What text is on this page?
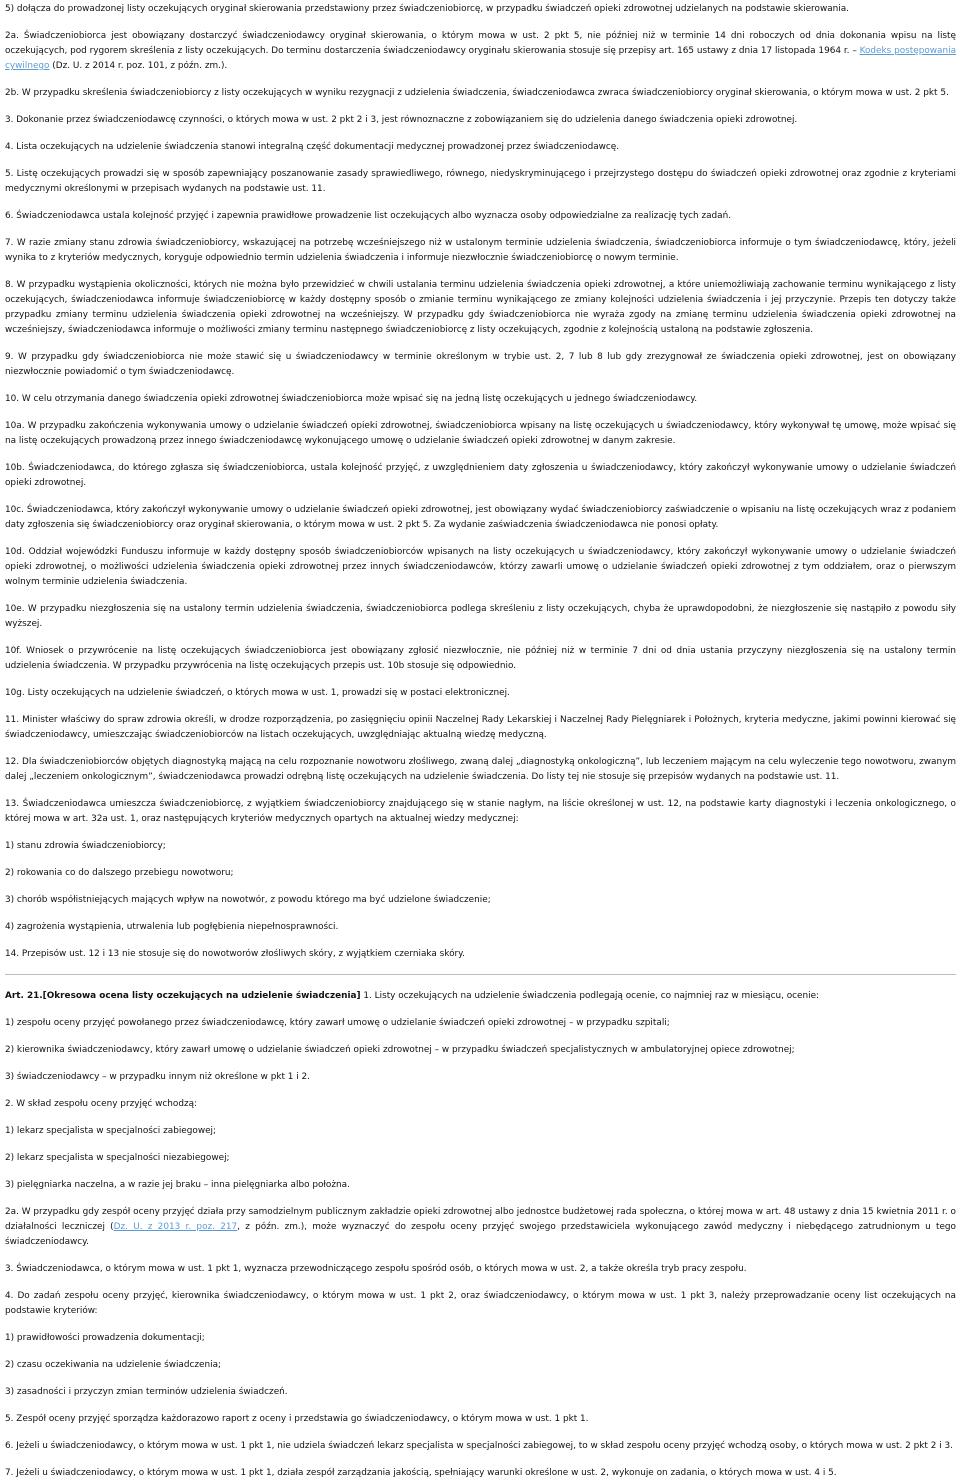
5) dołącza do prowadzonej listy oczekujących oryginał skierowania przedstawiony przez świadczeniobiorcę, w przypadku świadczeń opieki zdrowotnej udzielanych na podstawie skierowania.

2a. Świadczeniobiorca jest obowiązany dostarczyć świadczeniodawcy oryginał skierowania, o którym mowa w ust. 2 pkt 5, nie później niż w terminie 14 dni roboczych od dnia dokonania wpisu na listę oczekujących, pod rygorem skreślenia z listy oczekujących. Do terminu dostarczenia świadczeniodawcy oryginału skierowania stosuje się przepisy art. 165 ustawy z dnia 17 listopada 1964 r. – Kodeks postępowania cywilnego (Dz. U. z 2014 r. poz. 101, z późn. zm.).

2b. W przypadku skreślenia świadczeniobiorcy z listy oczekujących w wyniku rezygnacji z udzielenia świadczenia, świadczeniodawca zwraca świadczeniobiorcy oryginał skierowania, o którym mowa w ust. 2 pkt 5.

3. Dokonanie przez świadczeniodawcę czynności, o których mowa w ust. 2 pkt 2 i 3, jest równoznaczne z zobowiązaniem się do udzielenia danego świadczenia opieki zdrowotnej.

4. Lista oczekujących na udzielenie świadczenia stanowi integralną część dokumentacji medycznej prowadzonej przez świadczeniodawcę.

5. Listę oczekujących prowadzi się w sposób zapewniający poszanowanie zasady sprawiedliwego, równego, niedyskryminującego i przejrzystego dostępu do świadczeń opieki zdrowotnej oraz zgodnie z kryteriami medycznymi określonymi w przepisach wydanych na podstawie ust. 11.

6. Świadczeniodawca ustala kolejność przyjęć i zapewnia prawidłowe prowadzenie list oczekujących albo wyznacza osoby odpowiedzialne za realizację tych zadań.

7. W razie zmiany stanu zdrowia świadczeniobiorcy, wskazującej na potrzebę wcześniejszego niż w ustalonym terminie udzielenia świadczenia, świadczeniobiorca informuje o tym świadczeniodawcę, który, jeżeli wynika to z kryteriów medycznych, koryguje odpowiednio termin udzielenia świadczenia i informuje niezwłocznie świadczeniobiorcę o nowym terminie.

8. W przypadku wystąpienia okoliczności, których nie można było przewidzieć w chwili ustalania terminu udzielenia świadczenia opieki zdrowotnej, a które uniemożliwiają zachowanie terminu wynikającego z listy oczekujących, świadczeniodawca informuje świadczeniobiorcę w każdy dostępny sposób o zmianie terminu wynikającego ze zmiany kolejności udzielenia świadczenia i jej przyczynie. Przepis ten dotyczy także przypadku zmiany terminu udzielenia świadczenia opieki zdrowotnej na wcześniejszy. W przypadku gdy świadczeniobiorca nie wyraża zgody na zmianę terminu udzielenia świadczenia opieki zdrowotnej na wcześniejszy, świadczeniodawca informuje o możliwości zmiany terminu następnego świadczeniobiorcę z listy oczekujących, zgodnie z kolejnością ustaloną na podstawie zgłoszenia.

9. W przypadku gdy świadczeniobiorca nie może stawić się u świadczeniodawcy w terminie określonym w trybie ust. 2, 7 lub 8 lub gdy zrezygnował ze świadczenia opieki zdrowotnej, jest on obowiązany niezwłocznie powiadomić o tym świadczeniodawcę.

10. W celu otrzymania danego świadczenia opieki zdrowotnej świadczeniobiorca może wpisać się na jedną listę oczekujących u jednego świadczeniodawcy.

10a. W przypadku zakończenia wykonywania umowy o udzielanie świadczeń opieki zdrowotnej, świadczeniobiorca wpisany na listę oczekujących u świadczeniodawcy, który wykonywał tę umowę, może wpisać się na listę oczekujących prowadzoną przez innego świadczeniodawcę wykonującego umowę o udzielanie świadczeń opieki zdrowotnej w danym zakresie.

10b. Świadczeniodawca, do którego zgłasza się świadczeniobiorca, ustala kolejność przyjęć, z uwzględnieniem daty zgłoszenia u świadczeniodawcy, który zakończył wykonywanie umowy o udzielanie świadczeń opieki zdrowotnej.

10c. Świadczeniodawca, który zakończył wykonywanie umowy o udzielanie świadczeń opieki zdrowotnej, jest obowiązany wydać świadczeniobiorcy zaświadczenie o wpisaniu na listę oczekujących wraz z podaniem daty zgłoszenia się świadczeniobiorcy oraz oryginał skierowania, o którym mowa w ust. 2 pkt 5. Za wydanie zaświadczenia świadczeniodawca nie ponosi opłaty.

10d. Oddział wojewódzki Funduszu informuje w każdy dostępny sposób świadczeniobiorców wpisanych na listy oczekujących u świadczeniodawcy, który zakończył wykonywanie umowy o udzielanie świadczeń opieki zdrowotnej, o możliwości udzielenia świadczenia opieki zdrowotnej przez innych świadczeniodawców, którzy zawarli umowę o udzielanie świadczeń opieki zdrowotnej z tym oddziałem, oraz o pierwszym wolnym terminie udzielenia świadczenia.

10e. W przypadku niezgłoszenia się na ustalony termin udzielenia świadczenia, świadczeniobiorca podlega skreśleniu z listy oczekujących, chyba że uprawdopodobni, że niezgłoszenie się nastąpiło z powodu siły wyższej.

10f. Wniosek o przywrócenie na listę oczekujących świadczeniobiorca jest obowiązany zgłosić niezwłocznie, nie później niż w terminie 7 dni od dnia ustania przyczyny niezgłoszenia się na ustalony termin udzielenia świadczenia. W przypadku przywrócenia na listę oczekujących przepis ust. 10b stosuje się odpowiednio.

10g. Listy oczekujących na udzielenie świadczeń, o których mowa w ust. 1, prowadzi się w postaci elektronicznej.

11. Minister właściwy do spraw zdrowia określi, w drodze rozporządzenia, po zasięgnięciu opinii Naczelnej Rady Lekarskiej i Naczelnej Rady Pielęgniarek i Położnych, kryteria medyczne, jakimi powinni kierować się świadczeniodawcy, umieszczając świadczeniobiorców na listach oczekujących, uwzględniając aktualną wiedzę medyczną.

12. Dla świadczeniobiorców objętych diagnostyką mającą na celu rozpoznanie nowotworu złośliwego, zwaną dalej „diagnostyką onkologiczną”, lub leczeniem mającym na celu wyleczenie tego nowotworu, zwanym dalej „leczeniem onkologicznym”, świadczeniodawca prowadzi odrębną listę oczekujących na udzielenie świadczenia. Do listy tej nie stosuje się przepisów wydanych na podstawie ust. 11.

13. Świadczeniodawca umieszcza świadczeniobiorcę, z wyjątkiem świadczeniobiorcy znajdującego się w stanie nagłym, na liście określonej w ust. 12, na podstawie karty diagnostyki i leczenia onkologicznego, o której mowa w art. 32a ust. 1, oraz następujących kryteriów medycznych opartych na aktualnej wiedzy medycznej:

1) stanu zdrowia świadczeniobiorcy;

2) rokowania co do dalszego przebiegu nowotworu;

3) chorób współistniejących mających wpływ na nowotwór, z powodu którego ma być udzielone świadczenie;

4) zagrożenia wystąpienia, utrwalenia lub pogłębienia niepełnosprawności.

14. Przepisów ust. 12 i 13 nie stosuje się do nowotworów złośliwych skóry, z wyjątkiem czerniaka skóry.

Art. 21.[Okresowa ocena listy oczekujących na udzielenie świadczenia] 1. Listy oczekujących na udzielenie świadczenia podlegają ocenie, co najmniej raz w miesiącu, ocenie:

1) zespołu oceny przyjęć powołanego przez świadczeniodawcę, który zawarł umowę o udzielanie świadczeń opieki zdrowotnej – w przypadku szpitali;

2) kierownika świadczeniodawcy, który zawarł umowę o udzielanie świadczeń opieki zdrowotnej – w przypadku świadczeń specjalistycznych w ambulatoryjnej opiece zdrowotnej;

3) świadczeniodawcy – w przypadku innym niż określone w pkt 1 i 2.

2. W skład zespołu oceny przyjęć wchodzą:

1) lekarz specjalista w specjalności zabiegowej;

2) lekarz specjalista w specjalności niezabiegowej;

3) pielęgniarka naczelna, a w razie jej braku – inna pielęgniarka albo położna.

2a. W przypadku gdy zespół oceny przyjęć działa przy samodzielnym publicznym zakładzie opieki zdrowotnej albo jednostce budżetowej rada społeczna, o której mowa w art. 48 ustawy z dnia 15 kwietnia 2011 r. o działalności leczniczej (Dz. U. z 2013 r. poz. 217, z późn. zm.), może wyznaczyć do zespołu oceny przyjęć swojego przedstawiciela wykonującego zawód medyczny i niebędącego zatrudnionym u tego świadczeniodawcy.

3. Świadczeniodawca, o którym mowa w ust. 1 pkt 1, wyznacza przewodniczącego zespołu spośród osób, o których mowa w ust. 2, a także określa tryb pracy zespołu.

4. Do zadań zespołu oceny przyjęć, kierownika świadczeniodawcy, o którym mowa w ust. 1 pkt 2, oraz świadczeniodawcy, o którym mowa w ust. 1 pkt 3, należy przeprowadzanie oceny list oczekujących na podstawie kryteriów:

1) prawidłowości prowadzenia dokumentacji;

2) czasu oczekiwania na udzielenie świadczenia;

3) zasadności i przyczyn zmian terminów udzielenia świadczeń.

5. Zespół oceny przyjęć sporządza każdorazowo raport z oceny i przedstawia go świadczeniodawcy, o którym mowa w ust. 1 pkt 1.

6. Jeżeli u świadczeniodawcy, o którym mowa w ust. 1 pkt 1, nie udziela świadczeń lekarz specjalista w specjalności zabiegowej, to w skład zespołu oceny przyjęć wchodzą osoby, o których mowa w ust. 2 pkt 2 i 3.

7. Jeżeli u świadczeniodawcy, o którym mowa w ust. 1 pkt 1, działa zespół zarządzania jakością, spełniający warunki określone w ust. 2, wykonuje on zadania, o których mowa w ust. 4 i 5.
